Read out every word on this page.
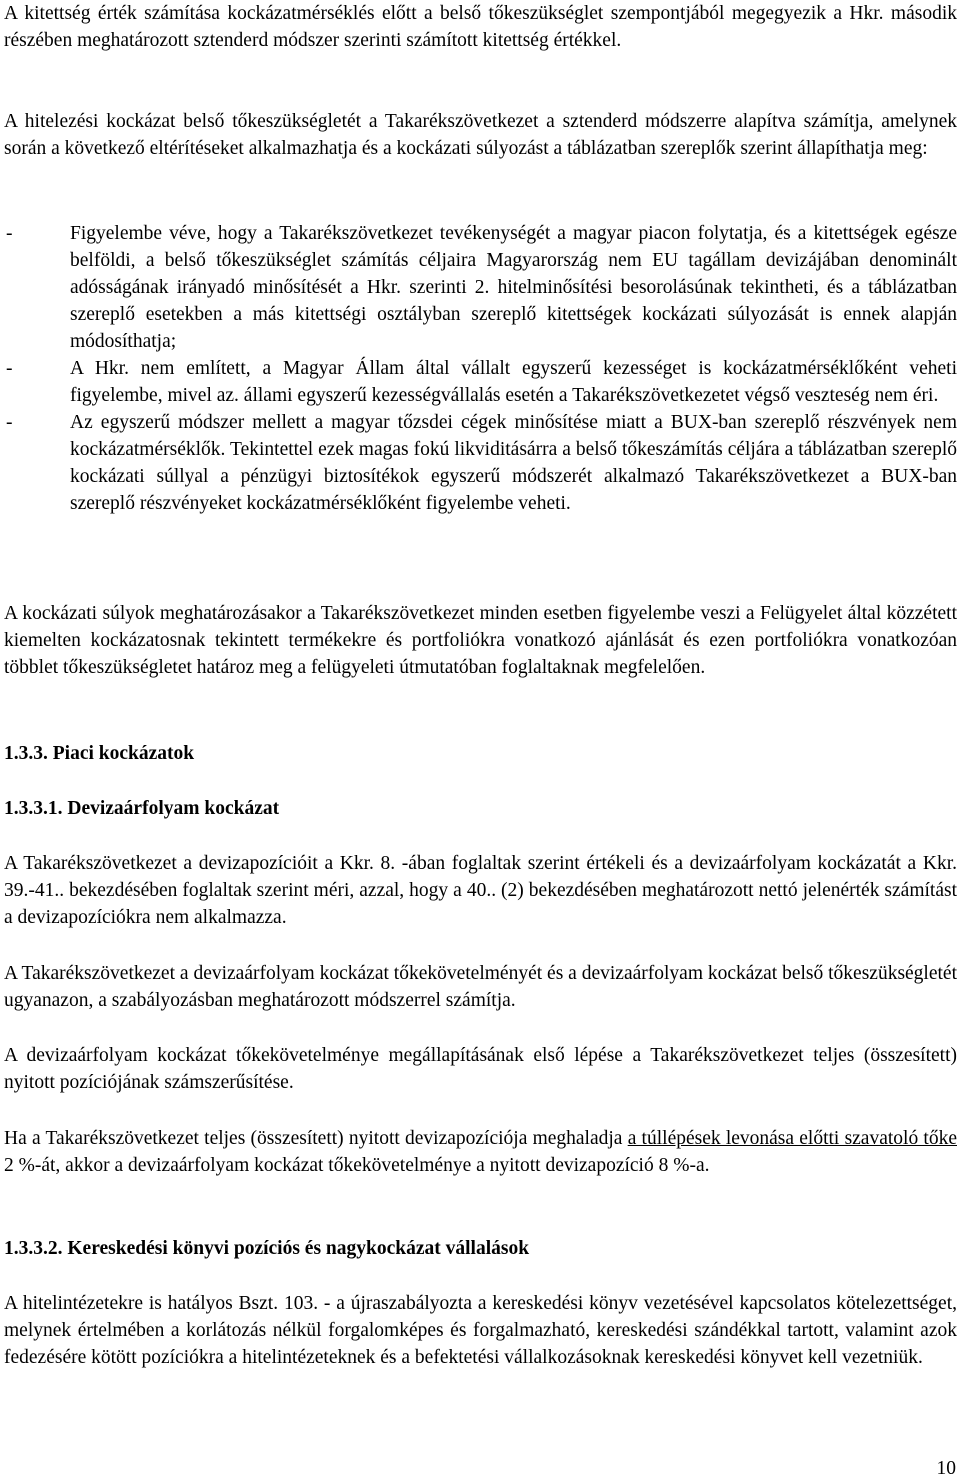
A kitettség érték számítása kockázatmérséklés előtt a belső tőkeszükséglet szempontjából megegyezik a Hkr. második részében meghatározott sztenderd módszer szerinti számított kitettség értékkel.

A hitelezési kockázat belső tőkeszükségletét a Takarékszövetkezet a sztenderd módszerre alapítva számítja, amelynek során a következő eltérítéseket alkalmazhatja és a kockázati súlyozást a táblázatban szereplők szerint állapíthatja meg:

-	Figyelembe véve, hogy a Takarékszövetkezet tevékenységét a magyar piacon folytatja, és a kitettségek egésze belföldi, a belső tőkeszükséglet számítás céljaira Magyarország nem EU tagállam devizájában denominált adósságának irányadó minősítését a Hkr. szerinti 2. hitelminősítési besorolásúnak tekintheti, és a táblázatban szereplő esetekben a más kitettségi osztályban szereplő kitettségek kockázati súlyozását is ennek alapján módosíthatja;
-	A Hkr. nem említett, a Magyar Állam által vállalt egyszerű kezességet is kockázatmérséklőként veheti figyelembe, mivel az. állami egyszerű kezességvállalás esetén a Takarékszövetkezetet végső veszteség nem éri.
-	Az egyszerű módszer mellett a magyar tőzsdei cégek minősítése miatt a BUX-ban szereplő részvények nem kockázatmérséklők. Tekintettel ezek magas fokú likviditásárra a belső tőkeszámítás céljára a táblázatban szereplő kockázati súllyal a pénzügyi biztosítékok egyszerű módszerét alkalmazó Takarékszövetkezet a BUX-ban szereplő részvényeket kockázatmérséklőként figyelembe veheti.

A kockázati súlyok meghatározásakor a Takarékszövetkezet minden esetben figyelembe veszi a Felügyelet által közzétett kiemelten kockázatosnak tekintett termékekre és portfoliókra vonatkozó ajánlását és ezen portfoliókra vonatkozóan többlet tőkeszükségletet határoz meg a felügyeleti útmutatóban foglaltaknak megfelelően.

1.3.3. Piaci kockázatok

1.3.3.1. Devizaárfolyam kockázat

A Takarékszövetkezet a devizapozícióit a Kkr. 8. -ában foglaltak szerint értékeli és a devizaárfolyam kockázatát a Kkr. 39.-41.. bekezdésében foglaltak szerint méri, azzal, hogy a 40.. (2) bekezdésében meghatározott nettó jelenérték számítást a devizapozíciókra nem alkalmazza.

A Takarékszövetkezet a devizaárfolyam kockázat tőkekövetelményét és a devizaárfolyam kockázat belső tőkeszükségletét ugyanazon, a szabályozásban meghatározott módszerrel számítja.

A devizaárfolyam kockázat tőkekövetelménye megállapításának első lépése a Takarékszövetkezet teljes (összesített) nyitott pozíciójának számszerűsítése.

Ha a Takarékszövetkezet teljes (összesített) nyitott devizapozíciója meghaladja a túllépések levonása előtti szavatoló tőke 2 %-át, akkor a devizaárfolyam kockázat tőkekövetelménye a nyitott devizapozíció 8 %-a.

1.3.3.2. Kereskedési könyvi pozíciós és nagykockázat vállalások

A hitelintézetekre is hatályos Bszt. 103. - a újraszabályozta a kereskedési könyv vezetésével kapcsolatos kötelezettséget, melynek értelmében a korlátozás nélkül forgalomképes és forgalmazható, kereskedési szándékkal tartott, valamint azok fedezésére kötött pozíciókra a hitelintézeteknek és a befektetési vállalkozásoknak kereskedési könyvet kell vezetniük.

10
